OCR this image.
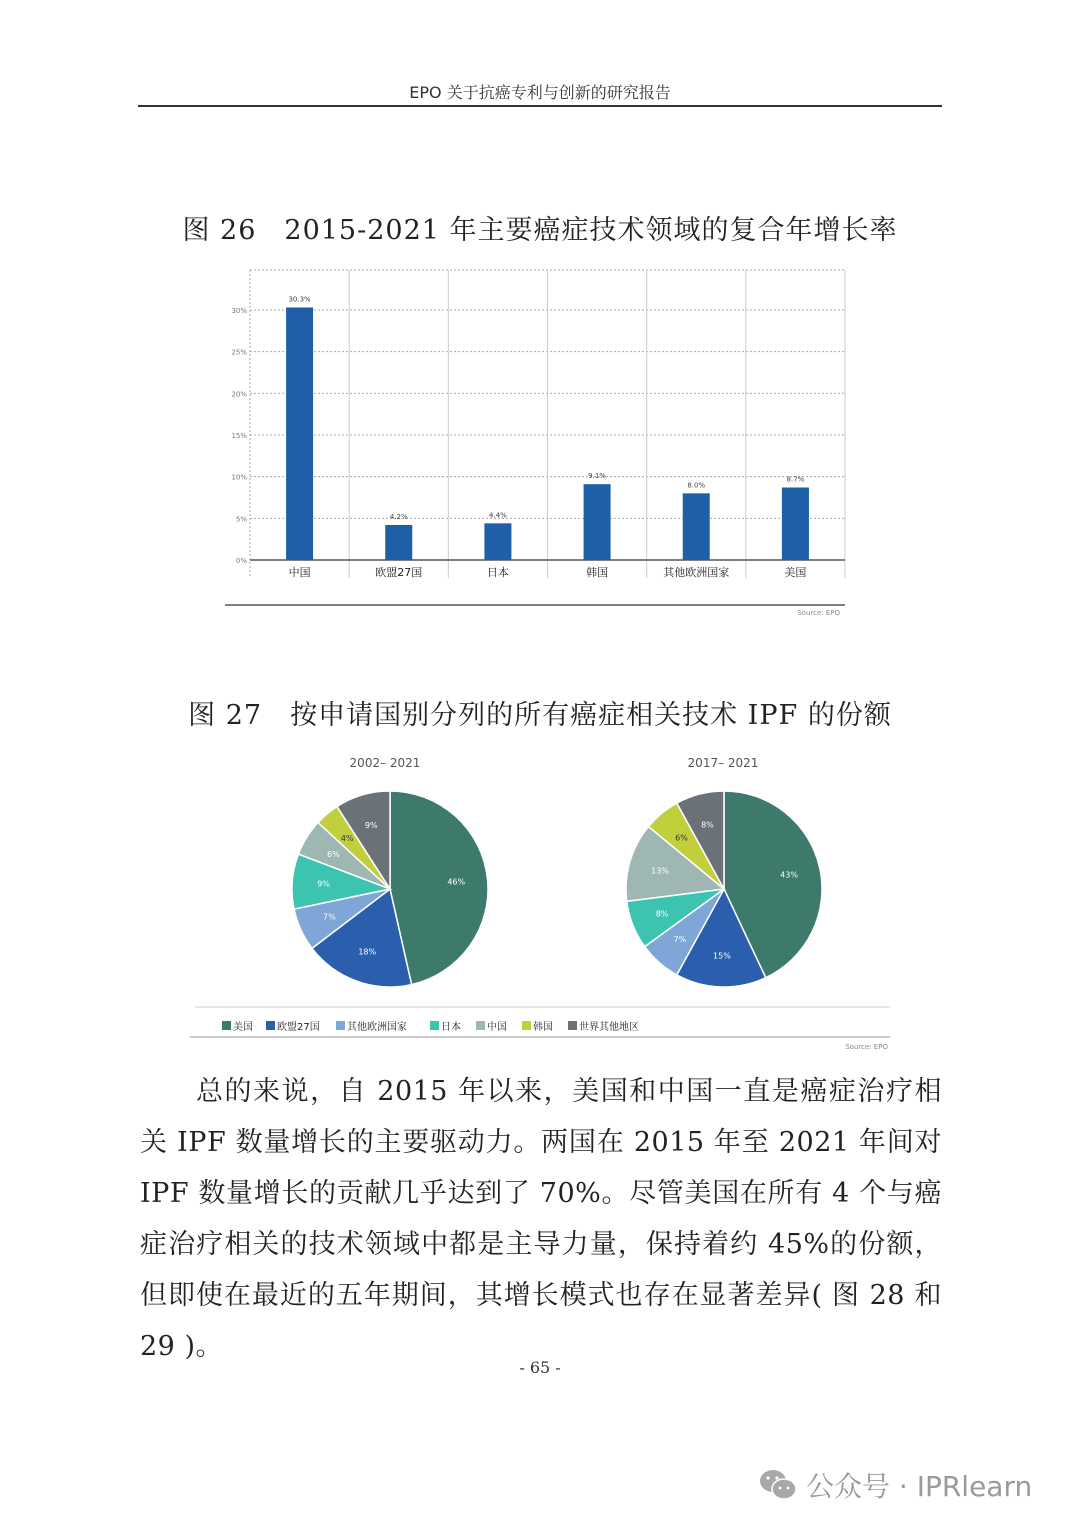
EPO 关于抗癌专利与创新的研究报告
图 26　2015-2021 年主要癌症技术领域的复合年增长率
0%
5%
10%
15%
20%
25%
30%
30.3%
4.2%	4.4%
9.1%
8.0%
8.7%
中国	欧盟27国	日本	韩国	其他欧洲国家	美国
Source: EPO
图 27　按申请国别分列的所有癌症相关技术 IPF 的份额
2002– 2021	2017– 2021
46%
18%
7%
9%
6%
4%
9%
43%
15%
7%
8%
13%
6%
8%
美国 欧盟27国	其他欧洲国家	日本	中国	韩国	世界其他地区
Source: EPO
总的来说，自 2015 年以来，美国和中国一直是癌症治疗相关 IPF 数量增长的主要驱动力。两国在 2015 年至 2021 年间对 IPF 数量增长的贡献几乎达到了 70%。尽管美国在所有 4 个与癌症治疗相关的技术领域中都是主导力量，保持着约 45%的份额，但即使在最近的五年期间，其增长模式也存在显著差异( 图 28 和 29 )。
- 65 -
公众号 · IPRlearn
